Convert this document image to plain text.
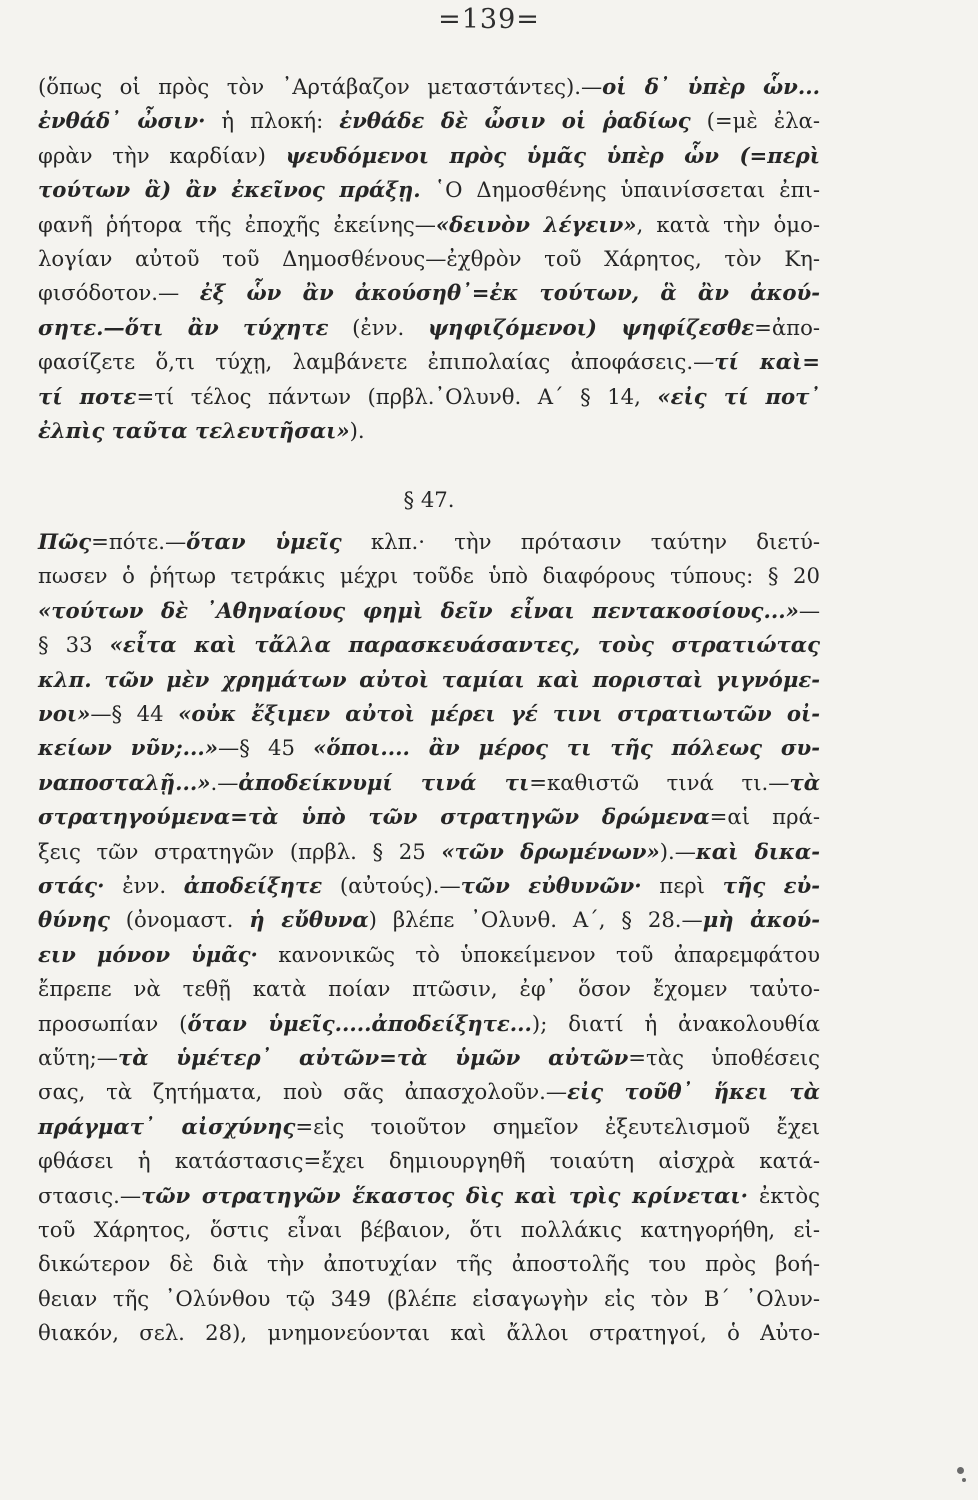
=139=
(ὅπως οἱ πρὸς τὸν ᾿Αρτάβαζον μεταστάντες).—οἱ δ᾿ ὑπὲρ ὧν...
ἐνθάδ᾿ ὦσιν· ἡ πλοκή: ἐνθάδε δὲ ὦσιν οἱ ῥαδίως (=μὲ ἐλα-
φρὰν τὴν καρδίαν) ψευδόμενοι πρὸς ὑμᾶς ὑπὲρ ὧν (=περὶ
τούτων ἃ) ἂν ἐκεῖνος πράξῃ. ῾Ο Δημοσθένης ὑπαινίσσεται ἐπι-
φανῆ ῥήτορα τῆς ἐποχῆς ἐκείνης—«δεινὸν λέγειν», κατὰ τὴν ὁμο-
λογίαν αὐτοῦ τοῦ Δημοσθένους—ἐχθρὸν τοῦ Χάρητος, τὸν Κη-
φισόδοτον.— ἐξ ὧν ἂν ἀκούσηθ᾿=ἐκ τούτων, ἃ ἂν ἀκού-
σητε.—ὅτι ἂν τύχητε (ἐνν. ψηφιζόμενοι) ψηφίζεσθε=ἀπο-
φασίζετε ὅ,τι τύχῃ, λαμβάνετε ἐπιπολαίας ἀποφάσεις.—τί καὶ=
τί ποτε=τί τέλος πάντων (πρβλ.᾿Ολυνθ. Α΄ § 14, «εἰς τί ποτ᾿
ἐλπὶς ταῦτα τελευτῆσαι»).
§ 47.
Πῶς=πότε.—ὅταν ὑμεῖς κλπ.· τὴν πρότασιν ταύτην διετύ-
πωσεν ὁ ῥήτωρ τετράκις μέχρι τοῦδε ὑπὸ διαφόρους τύπους: § 20
«τούτων δὲ ᾿Αθηναίους φημὶ δεῖν εἶναι πεντακοσίους...»—
§ 33 «εἶτα καὶ τἄλλα παρασκευάσαντες, τοὺς στρατιώτας
κλπ. τῶν μὲν χρημάτων αὐτοὶ ταμίαι καὶ πορισταὶ γιγνόμε-
νοι»—§ 44 «οὐκ ἔξιμεν αὐτοὶ μέρει γέ τινι στρατιωτῶν οἰ-
κείων νῦν;...»—§ 45 «ὅποι.... ἂν μέρος τι τῆς πόλεως συ-
ναποσταλῇ...».—ἀποδείκνυμί τινά τι=καθιστῶ τινά τι.—τὰ
στρατηγούμενα=τὰ ὑπὸ τῶν στρατηγῶν δρώμενα=αἱ πρά-
ξεις τῶν στρατηγῶν (πρβλ. § 25 «τῶν δρωμένων»).—καὶ δικα-
στάς· ἐνν. ἀποδείξητε (αὐτούς).—τῶν εὐθυνῶν· περὶ τῆς εὐ-
θύνης (ὀνομαστ. ἡ εὔθυνα) βλέπε ᾿Ολυνθ. Α΄, § 28.—μὴ ἀκού-
ειν μόνον ὑμᾶς· κανονικῶς τὸ ὑποκείμενον τοῦ ἀπαρεμφάτου
ἔπρεπε νὰ τεθῇ κατὰ ποίαν πτῶσιν, ἐφ᾿ ὅσον ἔχομεν ταὐτο-
προσωπίαν (ὅταν ὑμεῖς.....ἀποδείξητε...); διατί ἡ ἀνακολουθία
αὕτη;—τὰ ὑμέτερ᾿ αὐτῶν=τὰ ὑμῶν αὐτῶν=τὰς ὑποθέσεις
σας, τὰ ζητήματα, ποὺ σᾶς ἀπασχολοῦν.—εἰς τοῦθ᾿ ἥκει τὰ
πράγματ᾿ αἰσχύνης=εἰς τοιοῦτον σημεῖον ἐξευτελισμοῦ ἔχει
φθάσει ἡ κατάστασις=ἔχει δημιουργηθῆ τοιαύτη αἰσχρὰ κατά-
στασις.—τῶν στρατηγῶν ἕκαστος δὶς καὶ τρὶς κρίνεται· ἐκτὸς
τοῦ Χάρητος, ὅστις εἶναι βέβαιον, ὅτι πολλάκις κατηγορήθη, εἰ-
δικώτερον δὲ διὰ τὴν ἀποτυχίαν τῆς ἀποστολῆς του πρὸς βοή-
θειαν τῆς ᾿Ολύνθου τῷ 349 (βλέπε εἰσαγωγὴν εἰς τὸν Β΄ ᾿Ολυν-
θιακόν, σελ. 28), μνημονεύονται καὶ ἄλλοι στρατηγοί, ὁ Αὐτο-
